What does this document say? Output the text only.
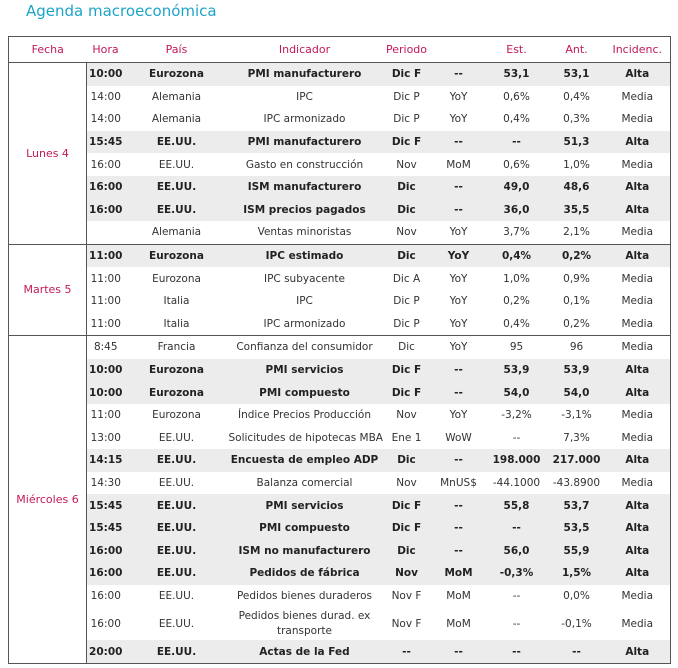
Agenda macroeconómica
Fecha	Hora	País	Indicador	Periodo		Est.	Ant.	Incidenc.
Lunes 4	10:00	Eurozona	PMI manufacturero	Dic F	--	53,1	53,1	Alta
	14:00	Alemania	IPC	Dic P	YoY	0,6%	0,4%	Media
	14:00	Alemania	IPC armonizado	Dic P	YoY	0,4%	0,3%	Media
	15:45	EE.UU.	PMI manufacturero	Dic F	--	--	51,3	Alta
	16:00	EE.UU.	Gasto en construcción	Nov	MoM	0,6%	1,0%	Media
	16:00	EE.UU.	ISM manufacturero	Dic	--	49,0	48,6	Alta
	16:00	EE.UU.	ISM precios pagados	Dic	--	36,0	35,5	Alta
		Alemania	Ventas minoristas	Nov	YoY	3,7%	2,1%	Media
Martes 5	11:00	Eurozona	IPC estimado	Dic	YoY	0,4%	0,2%	Alta
	11:00	Eurozona	IPC subyacente	Dic A	YoY	1,0%	0,9%	Media
	11:00	Italia	IPC	Dic P	YoY	0,2%	0,1%	Media
	11:00	Italia	IPC armonizado	Dic P	YoY	0,4%	0,2%	Media
Miércoles 6	8:45	Francia	Confianza del consumidor	Dic	YoY	95	96	Media
	10:00	Eurozona	PMI servicios	Dic F	--	53,9	53,9	Alta
	10:00	Eurozona	PMI compuesto	Dic F	--	54,0	54,0	Alta
	11:00	Eurozona	Índice Precios Producción	Nov	YoY	-3,2%	-3,1%	Media
	13:00	EE.UU.	Solicitudes de hipotecas MBA	Ene 1	WoW	--	7,3%	Media
	14:15	EE.UU.	Encuesta de empleo ADP	Dic	--	198.000	217.000	Alta
	14:30	EE.UU.	Balanza comercial	Nov	MnUS$	-44.1000	-43.8900	Media
	15:45	EE.UU.	PMI servicios	Dic F	--	55,8	53,7	Alta
	15:45	EE.UU.	PMI compuesto	Dic F	--	--	53,5	Alta
	16:00	EE.UU.	ISM no manufacturero	Dic	--	56,0	55,9	Alta
	16:00	EE.UU.	Pedidos de fábrica	Nov	MoM	-0,3%	1,5%	Alta
	16:00	EE.UU.	Pedidos bienes duraderos	Nov F	MoM	--	0,0%	Media
	16:00	EE.UU.	Pedidos bienes durad. ex transporte	Nov F	MoM	--	-0,1%	Media
	20:00	EE.UU.	Actas de la Fed	--	--	--	--	Alta
